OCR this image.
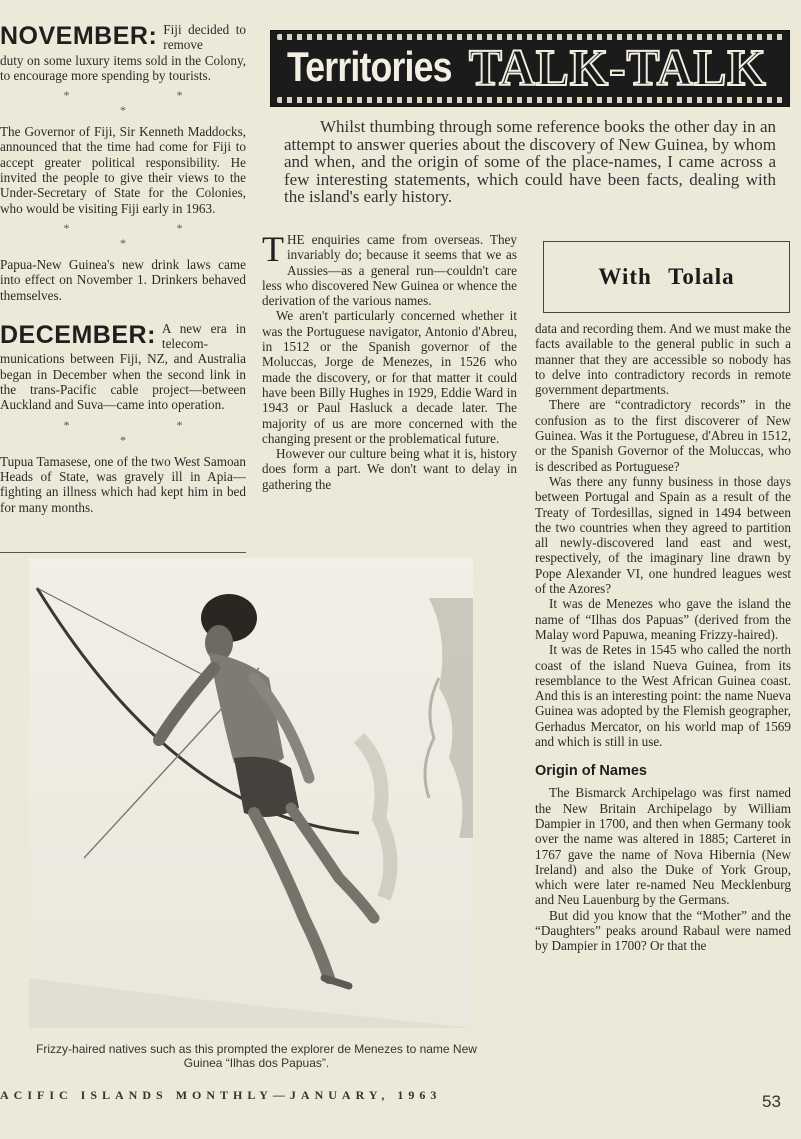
NOVEMBER: Fiji decided to remove

duty on some luxury items sold in the Colony, to encourage more spending by tourists.

* * *

The Governor of Fiji, Sir Kenneth Maddocks, announced that the time had come for Fiji to accept greater political responsibility. He invited the people to give their views to the Under-Secretary of State for the Colonies, who would be visiting Fiji early in 1963.

* * *

Papua-New Guinea's new drink laws came into effect on November 1. Drinkers behaved themselves.

DECEMBER: A new era in telecom-

munications between Fiji, NZ, and Australia began in December when the second link in the trans-Pacific cable project—between Auckland and Suva—came into operation.

* * *

Tupua Tamasese, one of the two West Samoan Heads of State, was gravely ill in Apia—fighting an illness which had kept him in bed for many months.

Territories TALK-TALK
Whilst thumbing through some reference books the other day in an attempt to answer queries about the discovery of New Guinea, by whom and when, and the origin of some of the place-names, I came across a few interesting statements, which could have been facts, dealing with the island's early history.

THE enquiries came from overseas. They invariably do; because it seems that we as Aussies—as a general run—couldn't care less who discovered New Guinea or whence the derivation of the various names.

We aren't particularly concerned whether it was the Portuguese navigator, Antonio d'Abreu, in 1512 or the Spanish governor of the Moluccas, Jorge de Menezes, in 1526 who made the discovery, or for that matter it could have been Billy Hughes in 1929, Eddie Ward in 1943 or Paul Hasluck a decade later. The majority of us are more concerned with the changing present or the problematical future.

However our culture being what it is, history does form a part. We don't want to delay in gathering the

With Tolala

data and recording them. And we must make the facts available to the general public in such a manner that they are accessible so nobody has to delve into contradictory records in remote government departments.

There are “contradictory records” in the confusion as to the first discoverer of New Guinea. Was it the Portuguese, d'Abreu in 1512, or the Spanish Governor of the Moluccas, who is described as Portuguese?

Was there any funny business in those days between Portugal and Spain as a result of the Treaty of Tordesillas, signed in 1494 between the two countries when they agreed to partition all newly-discovered land east and west, respectively, of the imaginary line drawn by Pope Alexander VI, one hundred leagues west of the Azores?

It was de Menezes who gave the island the name of “Ilhas dos Papuas” (derived from the Malay word Papuwa, meaning Frizzy-haired).

It was de Retes in 1545 who called the north coast of the island Nueva Guinea, from its resemblance to the West African Guinea coast. And this is an interesting point: the name Nueva Guinea was adopted by the Flemish geographer, Gerhadus Mercator, on his world map of 1569 and which is still in use.

Origin of Names

The Bismarck Archipelago was first named the New Britain Archipelago by William Dampier in 1700, and then when Germany took over the name was altered in 1885; Carteret in 1767 gave the name of Nova Hibernia (New Ireland) and also the Duke of York Group, which were later re-named Neu Mecklenburg and Neu Lauenburg by the Germans.

But did you know that the “Mother” and the “Daughters” peaks around Rabaul were named by Dampier in 1700? Or that the

Frizzy-haired natives such as this prompted the explorer de Menezes to name New Guinea “Ilhas dos Papuas”.
ACIFIC ISLANDS MONTHLY—JANUARY, 1963	53
